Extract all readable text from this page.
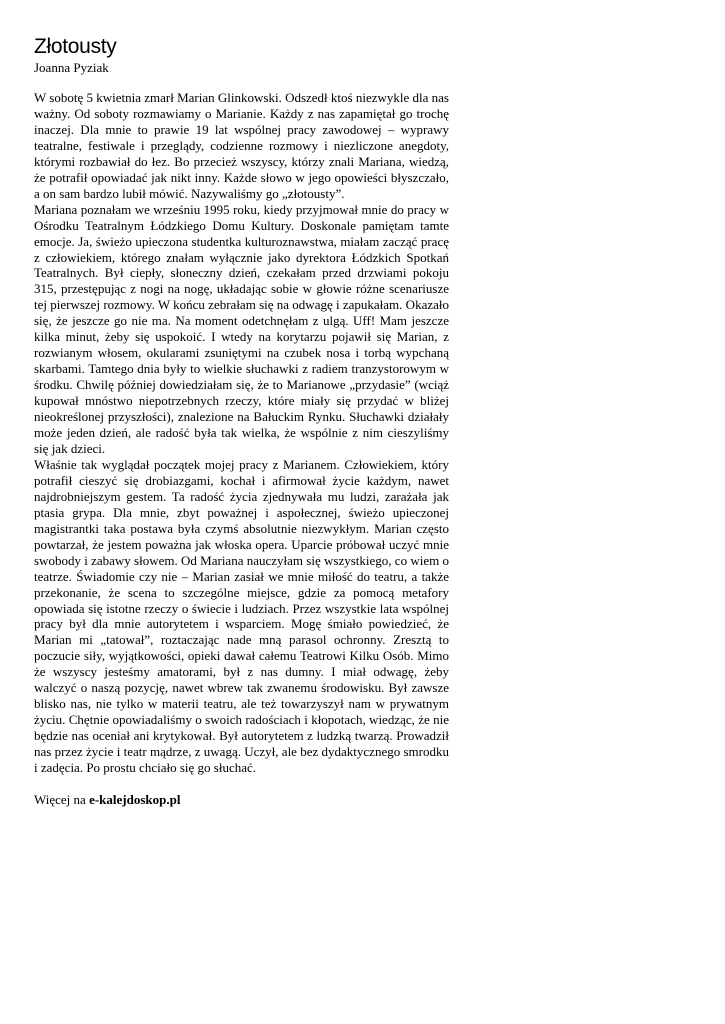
Złotousty
Joanna Pyziak

W sobotę 5 kwietnia zmarł Marian Glinkowski. Odszedł ktoś niezwykle dla nas ważny. Od soboty rozmawiamy o Marianie. Każdy z nas zapamiętał go trochę inaczej. Dla mnie to prawie 19 lat wspólnej pracy zawodowej – wyprawy teatralne, festiwale i przeglądy, codzienne rozmowy i niezliczone anegdoty, którymi rozbawiał do łez. Bo przecież wszyscy, którzy znali Mariana, wiedzą, że potrafił opowiadać jak nikt inny. Każde słowo w jego opowieści błyszczało, a on sam bardzo lubił mówić. Nazywaliśmy go „złotousty”.

Mariana poznałam we wrześniu 1995 roku, kiedy przyjmował mnie do pracy w Ośrodku Teatralnym Łódzkiego Domu Kultury. Doskonale pamiętam tamte emocje. Ja, świeżo upieczona studentka kulturoznawstwa, miałam zacząć pracę z człowiekiem, którego znałam wyłącznie jako dyrektora Łódzkich Spotkań Teatralnych. Był ciepły, słoneczny dzień, czekałam przed drzwiami pokoju 315, przestępując z nogi na nogę, układając sobie w głowie różne scenariusze tej pierwszej rozmowy. W końcu zebrałam się na odwagę i zapukałam. Okazało się, że jeszcze go nie ma. Na moment odetchnęłam z ulgą. Uff! Mam jeszcze kilka minut, żeby się uspokoić. I wtedy na korytarzu pojawił się Marian, z rozwianym włosem, okularami zsuniętymi na czubek nosa i torbą wypchaną skarbami. Tamtego dnia były to wielkie słuchawki z radiem tranzystorowym w środku. Chwilę później dowiedziałam się, że to Marianowe „przydasie” (wciąż kupował mnóstwo niepotrzebnych rzeczy, które miały się przydać w bliżej nieokreślonej przyszłości), znalezione na Bałuckim Rynku. Słuchawki działały może jeden dzień, ale radość była tak wielka, że wspólnie z nim cieszyliśmy się jak dzieci.

Właśnie tak wyglądał początek mojej pracy z Marianem. Człowiekiem, który potrafił cieszyć się drobiazgami, kochał i afirmował życie każdym, nawet najdrobniejszym gestem. Ta radość życia zjednywała mu ludzi, zarażała jak ptasia grypa. Dla mnie, zbyt poważnej i aspołecznej, świeżo upieczonej magistrantki taka postawa była czymś absolutnie niezwykłym. Marian często powtarzał, że jestem poważna jak włoska opera. Uparcie próbował uczyć mnie swobody i zabawy słowem. Od Mariana nauczyłam się wszystkiego, co wiem o teatrze. Świadomie czy nie – Marian zasiał we mnie miłość do teatru, a także przekonanie, że scena to szczególne miejsce, gdzie za pomocą metafory opowiada się istotne rzeczy o świecie i ludziach. Przez wszystkie lata wspólnej pracy był dla mnie autorytetem i wsparciem. Mogę śmiało powiedzieć, że Marian mi „tatował”, roztaczając nade mną parasol ochronny. Zresztą to poczucie siły, wyjątkowości, opieki dawał całemu Teatrowi Kilku Osób. Mimo że wszyscy jesteśmy amatorami, był z nas dumny. I miał odwagę, żeby walczyć o naszą pozycję, nawet wbrew tak zwanemu środowisku. Był zawsze blisko nas, nie tylko w materii teatru, ale też towarzyszył nam w prywatnym życiu. Chętnie opowiadaliśmy o swoich radościach i kłopotach, wiedząc, że nie będzie nas oceniał ani krytykował. Był autorytetem z ludzką twarzą. Prowadził nas przez życie i teatr mądrze, z uwagą. Uczył, ale bez dydaktycznego smrodku i zadęcia. Po prostu chciało się go słuchać.

Więcej na e-kalejdoskop.pl
